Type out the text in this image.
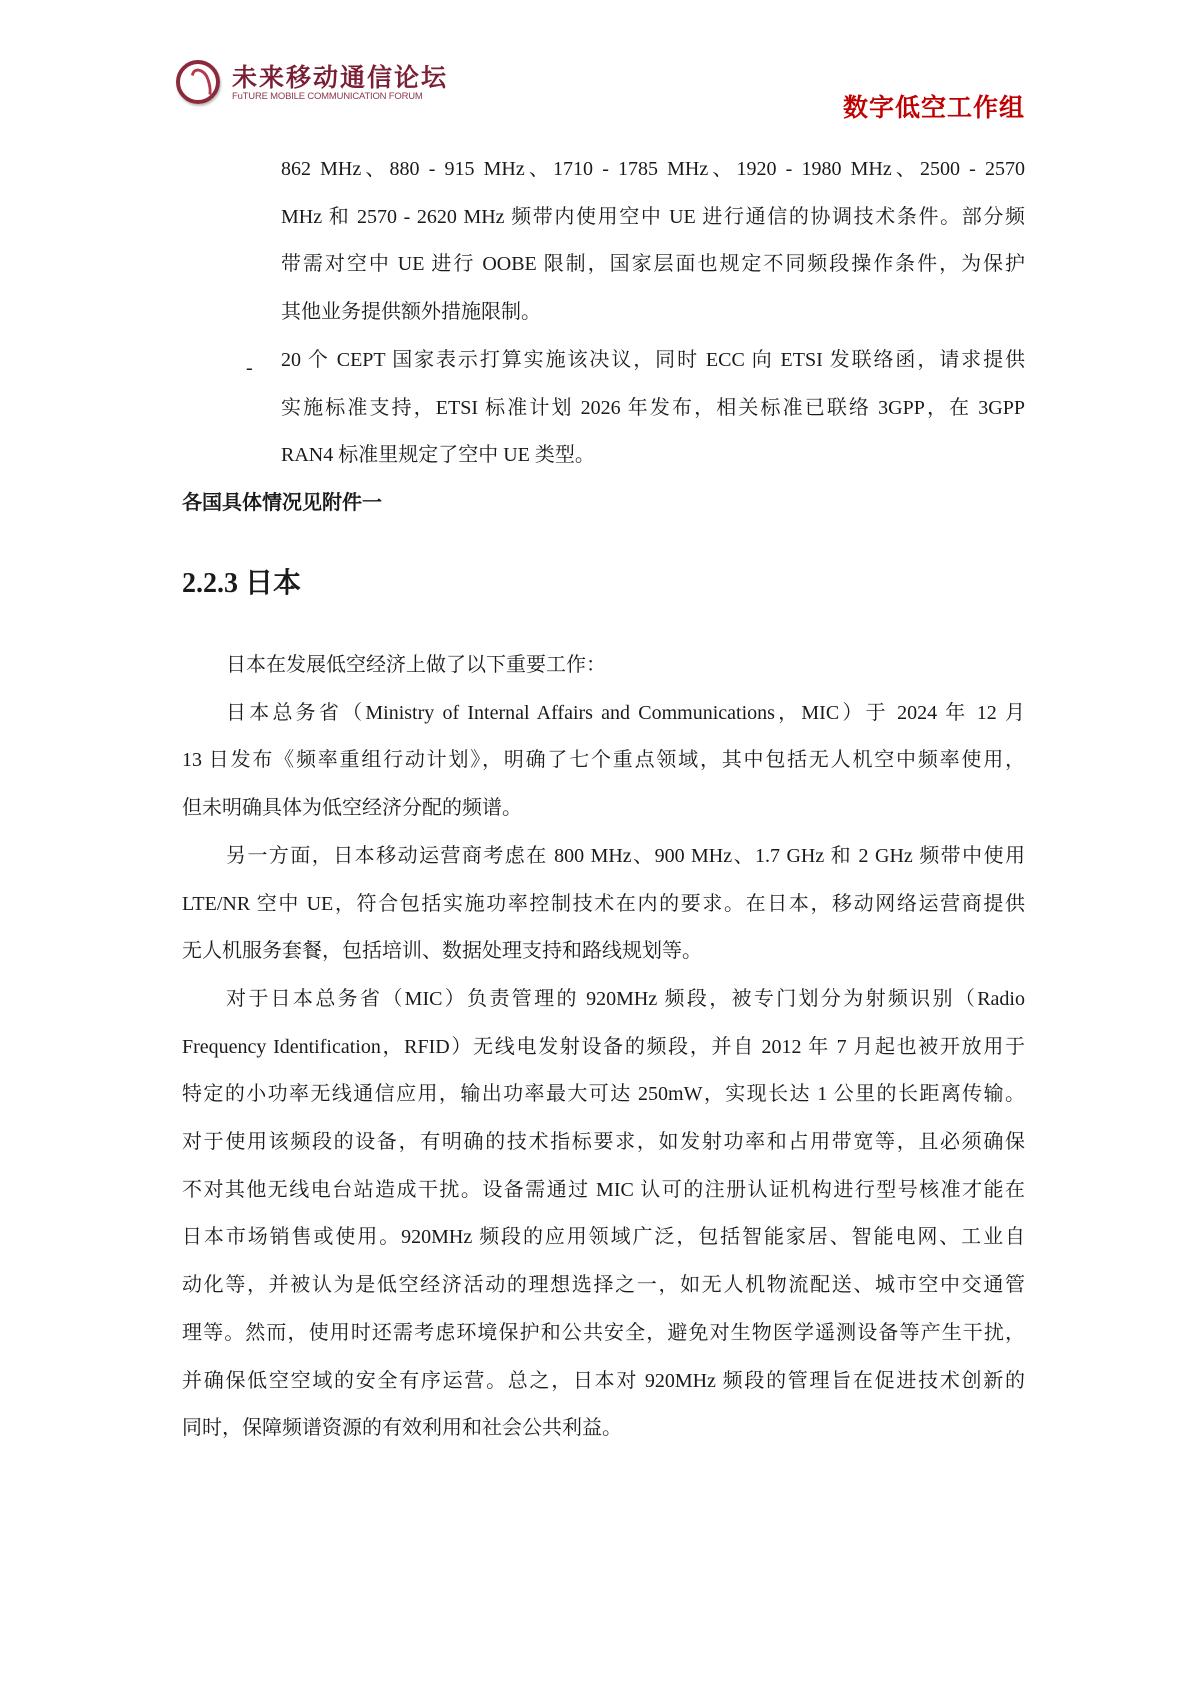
未来移动通信论坛
FuTURE MOBILE COMMUNICATION FORUM	数字低空工作组
-
各国具体情况见附件一
2.2.3 日本
862 MHz、880 - 915 MHz、1710 - 1785 MHz、1920 - 1980 MHz、2500 - 2570
MHz 和 2570 - 2620 MHz 频带内使用空中 UE 进行通信的协调技术条件。部分频
带需对空中 UE 进行 OOBE 限制，国家层面也规定不同频段操作条件，为保护
其他业务提供额外措施限制。
20 个 CEPT 国家表示打算实施该决议，同时 ECC 向 ETSI 发联络函，请求提供
实施标准支持，ETSI 标准计划 2026 年发布，相关标准已联络 3GPP，在 3GPP
RAN4 标准里规定了空中 UE 类型。
日本在发展低空经济上做了以下重要工作：
日本总务省（Ministry of Internal Affairs and Communications，MIC）于 2024 年 12 月
13 日发布《频率重组行动计划》，明确了七个重点领域，其中包括无人机空中频率使用，
但未明确具体为低空经济分配的频谱。
另一方面，日本移动运营商考虑在 800 MHz、900 MHz、1.7 GHz 和 2 GHz 频带中使用
LTE/NR 空中 UE，符合包括实施功率控制技术在内的要求。在日本，移动网络运营商提供
无人机服务套餐，包括培训、数据处理支持和路线规划等。
对于日本总务省（MIC）负责管理的 920MHz 频段，被专门划分为射频识别（Radio
Frequency Identification，RFID）无线电发射设备的频段，并自 2012 年 7 月起也被开放用于
特定的小功率无线通信应用，输出功率最大可达 250mW，实现长达 1 公里的长距离传输。
对于使用该频段的设备，有明确的技术指标要求，如发射功率和占用带宽等，且必须确保
不对其他无线电台站造成干扰。设备需通过 MIC 认可的注册认证机构进行型号核准才能在
日本市场销售或使用。920MHz 频段的应用领域广泛，包括智能家居、智能电网、工业自
动化等，并被认为是低空经济活动的理想选择之一，如无人机物流配送、城市空中交通管
理等。然而，使用时还需考虑环境保护和公共安全，避免对生物医学遥测设备等产生干扰，
并确保低空空域的安全有序运营。总之，日本对 920MHz 频段的管理旨在促进技术创新的
同时，保障频谱资源的有效利用和社会公共利益。
